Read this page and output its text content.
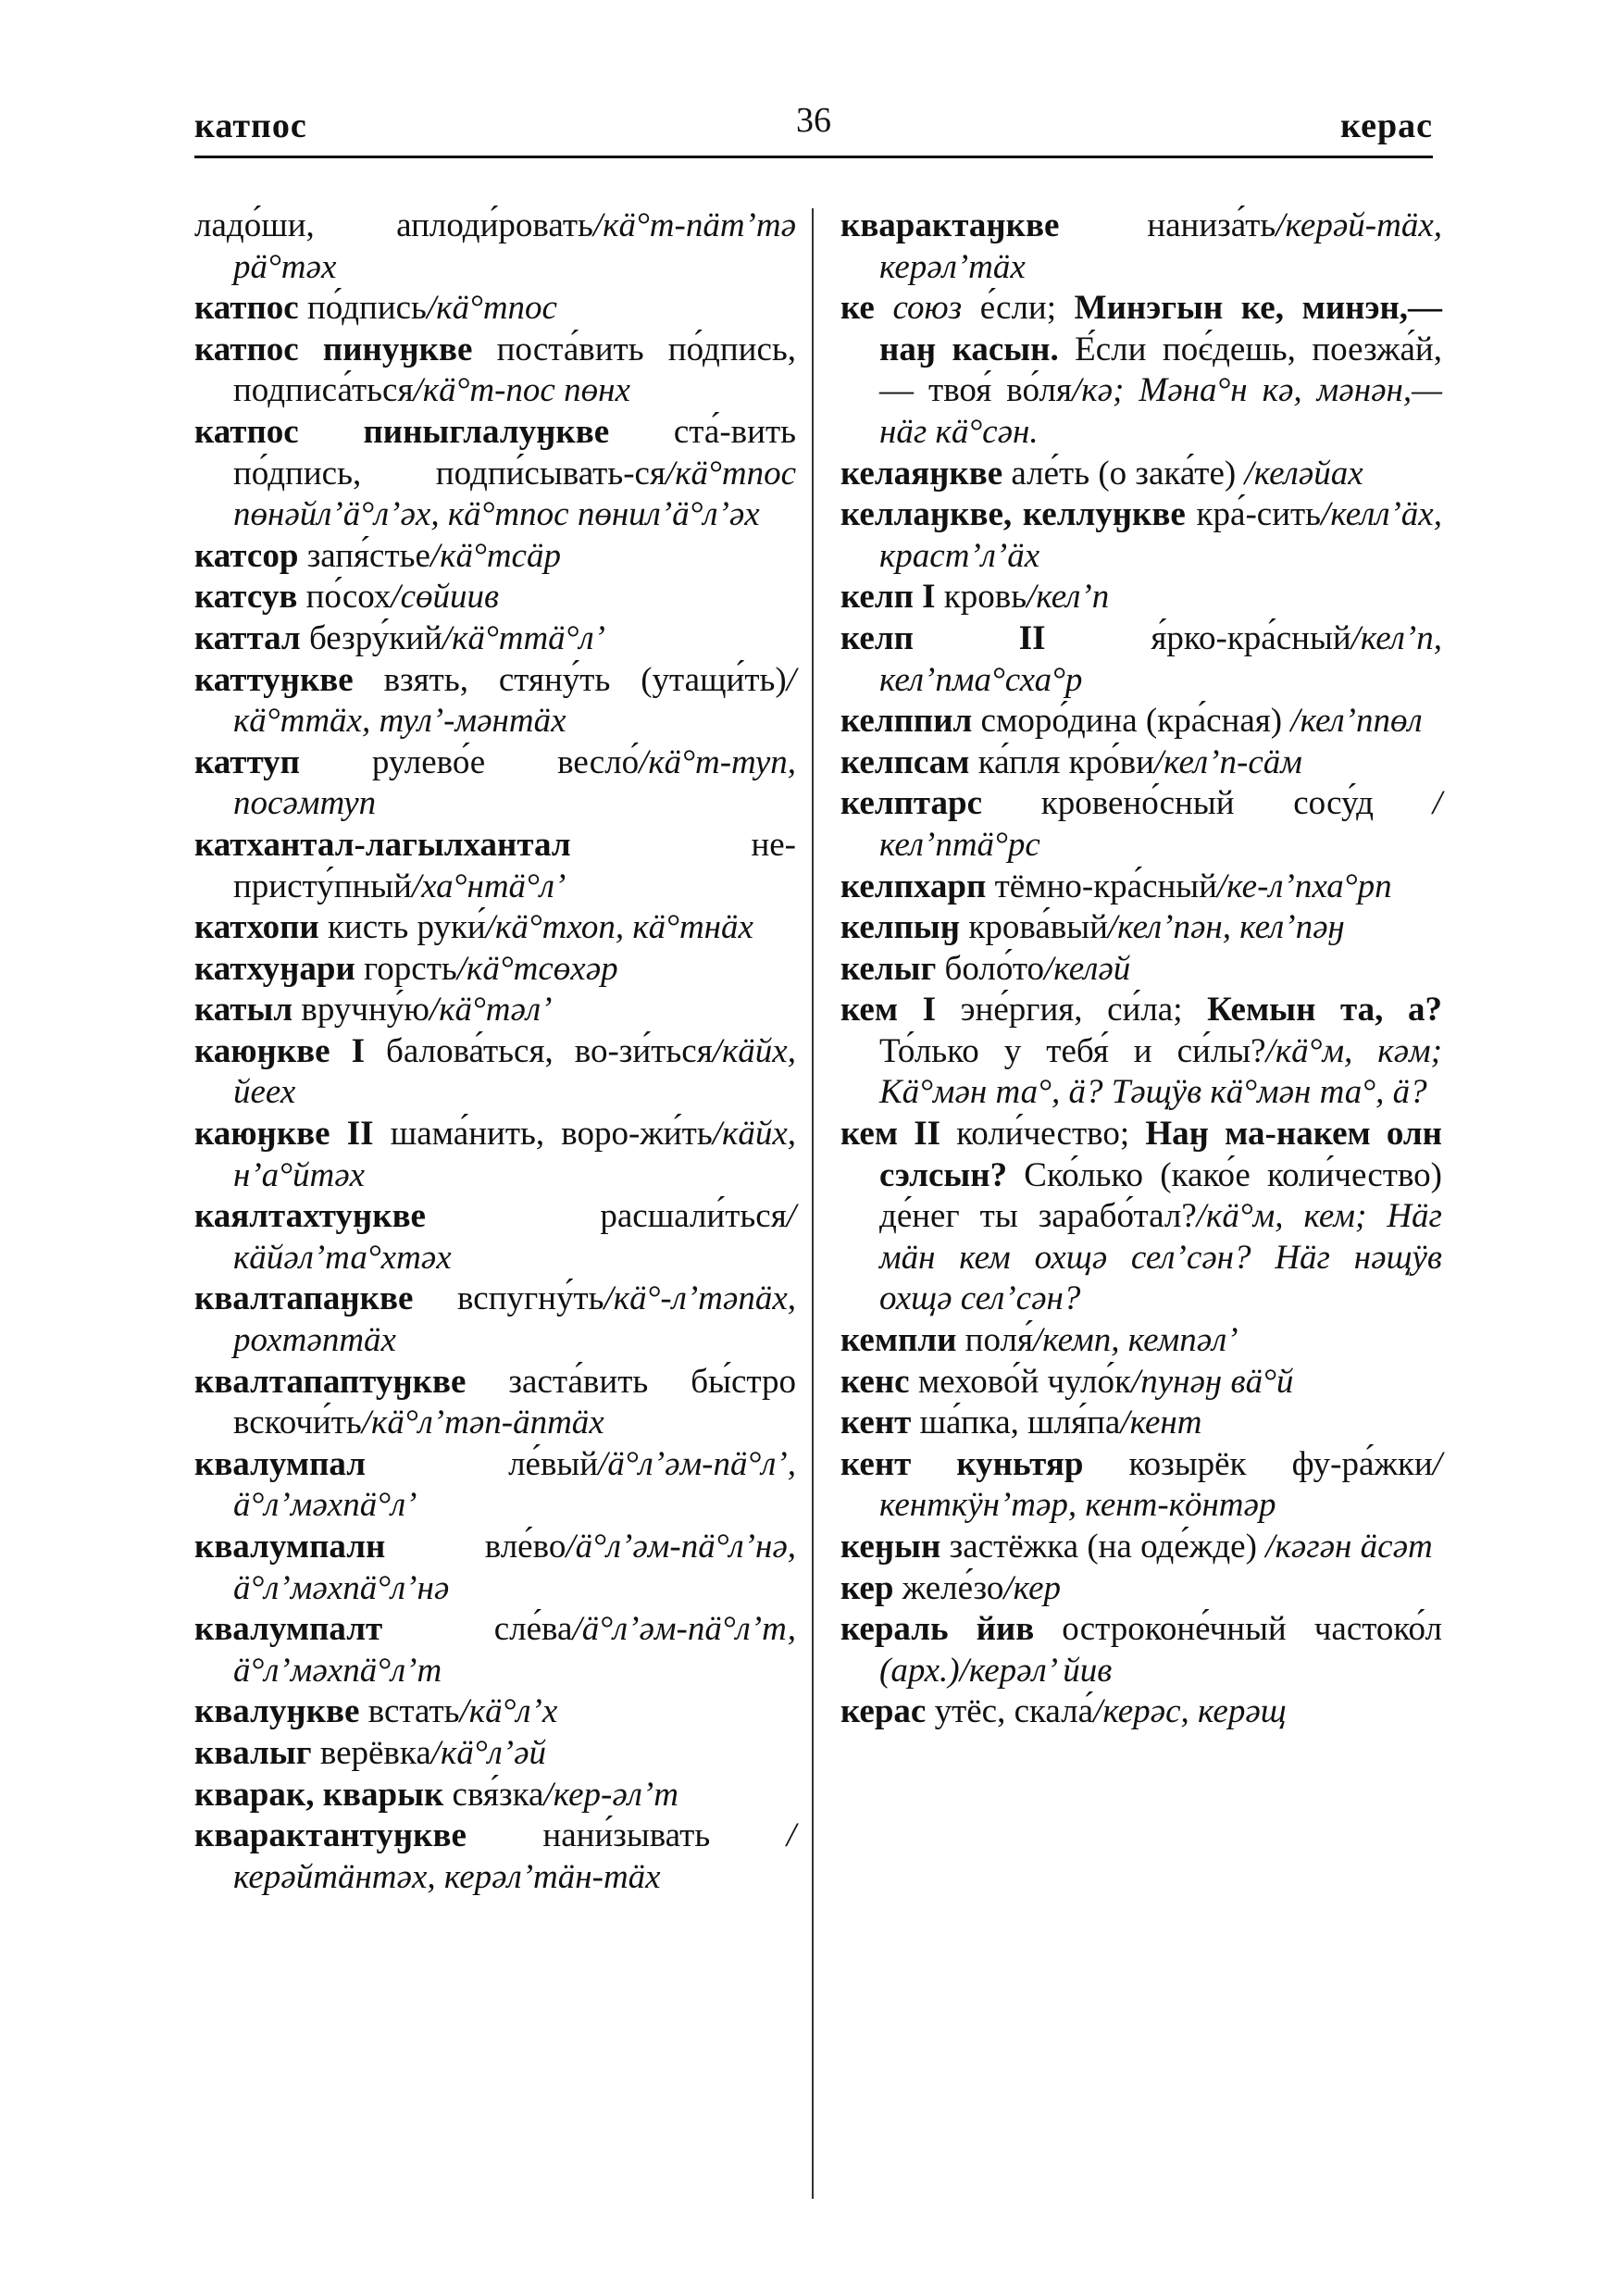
катпос	36	керас
ладо́ши, аплоди́ровать/кӓ°т-пӓт’тә рӓ°тәх
катпос по́дпись/кӓ°тпос
катпос пинуӈкве поста́вить по́дпись, подписа́ться/кӓ°т-пос пөнх
катпос пиныглалуӈкве ста́-вить по́дпись, подпи́сывать-ся/кӓ°тпос пөнәйл’ӓ°л’әх, кӓ°тпос пөнил’ӓ°л’әх
катсор запя́стье/кӓ°тсӓр
катсув по́сох/сөйиив
каттал безру́кий/кӓ°ттӓ°л’
каттуӈкве взять, стяну́ть (утащи́ть)/кӓ°ттӓх, тул’-мәнтӓх
каттуп рулево́е весло́/кӓ°т-туп, посәмтуп
катхантал-лагылхантал не-присту́пный/ха°нтӓ°л’
катхопи кисть руки́/кӓ°тхоп, кӓ°тнӓх
катхуӈари горсть/кӓ°тсөхәр
катыл вручну́ю/кӓ°тәл’
каюӈкве I балова́ться, во-зи́ться/кӓйх, йеех
каюӈкве II шама́нить, воро-жи́ть/кӓйх, н’а°йтәх
каялтахтуӈкве расшали́ться/кӓйәл’та°хтәх
квалтапаӈкве вспугну́ть/кӓ°-л’тәпӓх, рохтәптӓх
квалтапаптуӈкве заста́вить бы́стро вскочи́ть/кӓ°л’тәп-ӓптӓх
квалумпал ле́вый/ӓ°л’әм-пӓ°л’, ӓ°л’мәхпӓ°л’
квалумпалн вле́во/ӓ°л’әм-пӓ°л’нә, ӓ°л’мәхпӓ°л’нә
квалумпалт сле́ва/ӓ°л’әм-пӓ°л’т, ӓ°л’мәхпӓ°л’т
квалуӈкве встать/кӓ°л’х
квалыг верёвка/кӓ°л’әй
кварак, кварык свя́зка/кер-әл’т
кварактантуӈкве нани́зывать /керәйтӓнтәх, керәл’тӓн-тӓх
кварактаӈкве наниза́ть/керәй-тӓх, керәл’тӓх
ке союз е́сли; Минэгын ке, минэн,— наӈ касын. Е́сли поє́дешь, поезжа́й,— твоя́ во́ля/кә; Мәна°н кә, мәнән,— нӓг кӓ°сән.
келаяӈкве але́ть (о зака́те) /келәйах
келлаӈкве, келлуӈкве кра́-сить/келл’ӓх, краст’л’ӓх
келп I кровь/кел’п
келп II я́рко-кра́сный/кел’п, кел’пма°сха°р
келппил сморо́дина (кра́сная) /кел’ппөл
келпсам ка́пля кро́ви/кел’п-сӓм
келптарс кровено́сный сосу́д /кел’птӓ°рс
келпхарп тёмно-кра́сный/ке-л’пха°рп
келпыӈ крова́вый/кел’пән, кел’пәӈ
келыг боло́то/келәй
кем I эне́ргия, си́ла; Кемын та, а? То́лько у тебя́ и си́лы?/кӓ°м, кәм; Кӓ°мән та°, ӓ? Тәщӱв кӓ°мән та°, ӓ?
кем II коли́чество; Наӈ ма-накем олн сэлсын? Ско́лько (како́е коли́чество) де́нег ты зарабо́тал?/кӓ°м, кем; Нӓг мӓн кем охщә сел’сән? Нӓг нәщӱв охщә сел’сән?
кемпли поля́/кемп, кемпәл’
кенс мехово́й чуло́к/пунәӈ вӓ°й
кент ша́пка, шля́па/кент
кент куньтяр козырёк фу-ра́жки/кенткӱн’тәр, кент-кӧнтәр
кеӈын застёжка (на оде́жде) /кәгән ӓсәт
кер желе́зо/кер
кераль йив остроконе́чный частоко́л (арх.)/керәл’ йив
керас утёс, скала́/керәс, керәщ
